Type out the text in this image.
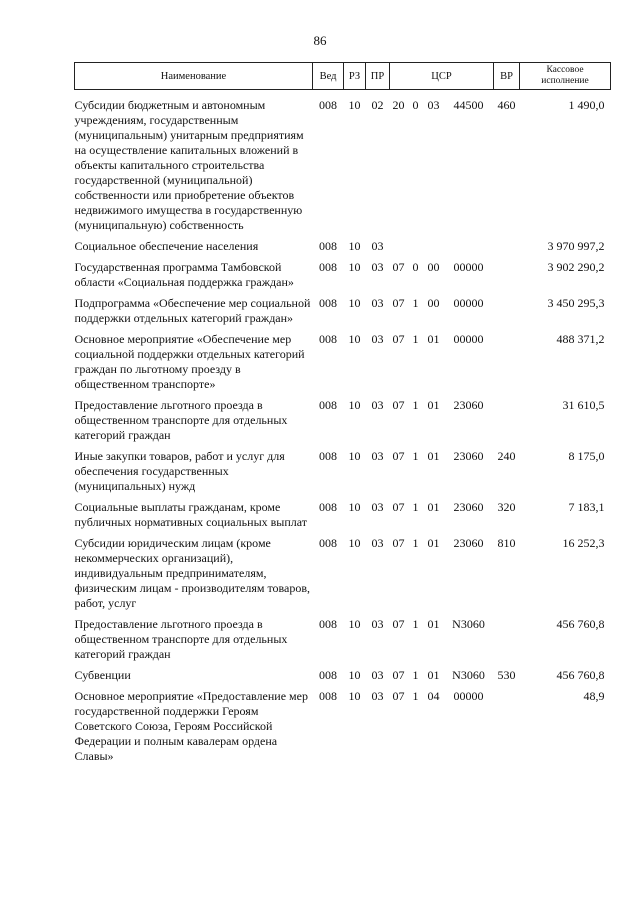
86
Наименование	Вед	РЗ	ПР	ЦСР				ВР	Кассовое
исполнение
Субсидии бюджетным и автономным учреждениям, государственным (муниципальным) унитарным предприятиям на осуществление капитальных вложений в объекты капитального строительства государственной (муниципальной) собственности или приобретение объектов недвижимого имущества в государственную (муниципальную) собственность	008	10	02	20	0	03	44500	460	1 490,0
Социальное обеспечение населения	008	10	03						3 970 997,2
Государственная программа Тамбовской области «Социальная поддержка граждан»	008	10	03	07	0	00	00000		3 902 290,2
Подпрограмма «Обеспечение мер социальной поддержки отдельных категорий граждан»	008	10	03	07	1	00	00000		3 450 295,3
Основное мероприятие «Обеспечение мер социальной поддержки отдельных категорий граждан по льготному проезду в общественном транспорте»	008	10	03	07	1	01	00000		488 371,2
Предоставление льготного проезда в общественном транспорте для отдельных категорий граждан	008	10	03	07	1	01	23060		31 610,5
Иные закупки товаров, работ и услуг для обеспечения государственных (муниципальных) нужд	008	10	03	07	1	01	23060	240	8 175,0
Социальные выплаты гражданам, кроме публичных нормативных социальных выплат	008	10	03	07	1	01	23060	320	7 183,1
Субсидии юридическим лицам (кроме некоммерческих организаций), индивидуальным предпринимателям, физическим лицам - производителям товаров, работ, услуг	008	10	03	07	1	01	23060	810	16 252,3
Предоставление льготного проезда в общественном транспорте для отдельных категорий граждан	008	10	03	07	1	01	N3060		456 760,8
Субвенции	008	10	03	07	1	01	N3060	530	456 760,8
Основное мероприятие «Предоставление мер государственной поддержки Героям Советского Союза, Героям Российской Федерации и полным кавалерам ордена Славы»	008	10	03	07	1	04	00000		48,9
